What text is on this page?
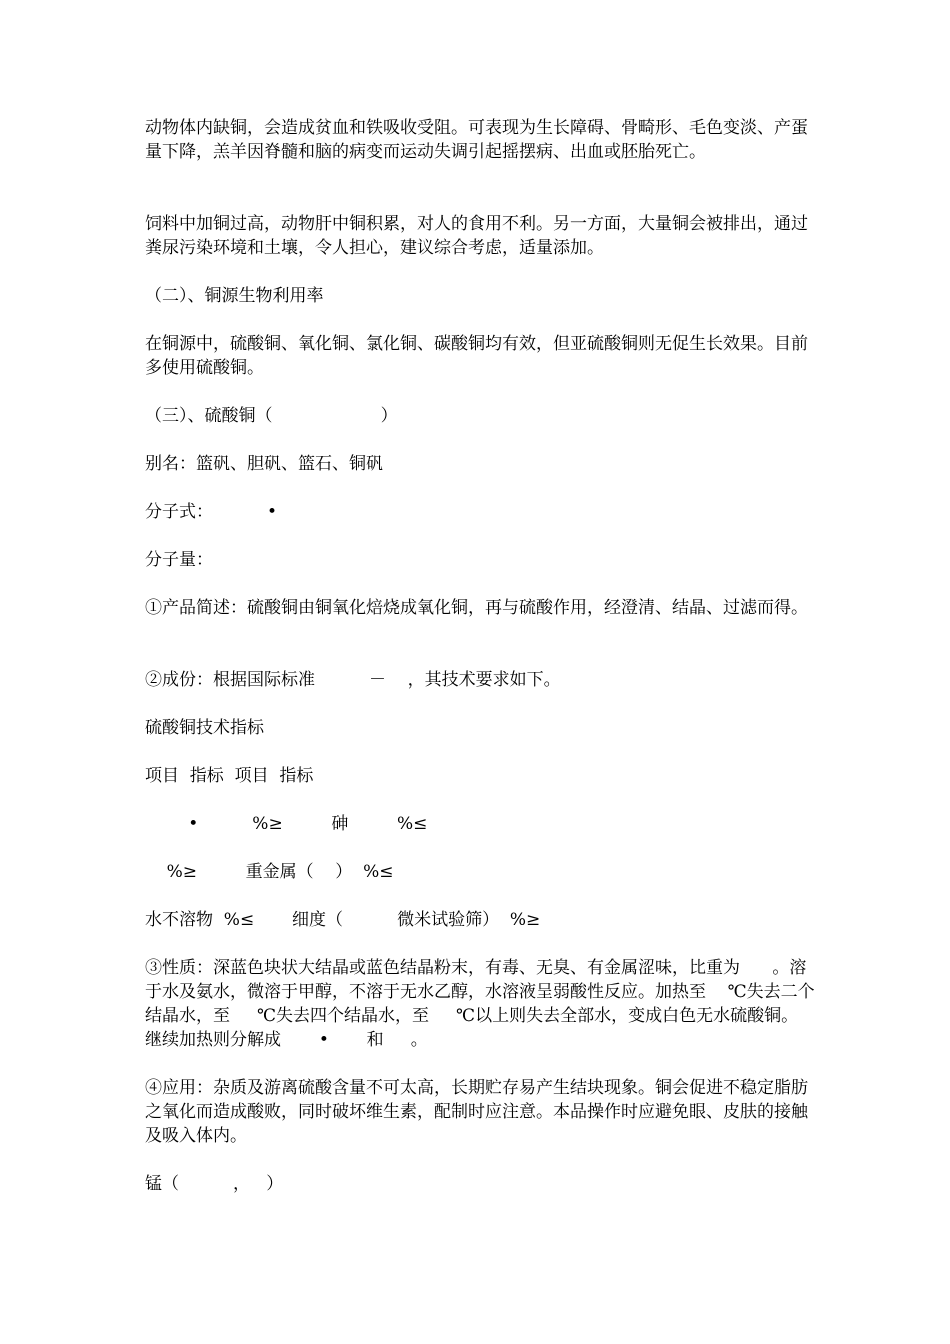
动物体内缺铜，会造成贫血和铁吸收受阻。可表现为生长障碍、骨畸形、毛色变淡、产蛋量下降，羔羊因脊髓和脑的病变而运动失调引起摇摆病、出血或胚胎死亡。

饲料中加铜过高，动物肝中铜积累，对人的食用不利。另一方面，大量铜会被排出，通过粪尿污染环境和土壤，令人担心，建议综合考虑，适量添加。

（二）、铜源生物利用率

在铜源中，硫酸铜、氧化铜、氯化铜、碳酸铜均有效，但亚硫酸铜则无促生长效果。目前多使用硫酸铜。

（三）、硫酸铜（                    ）

别名：篮矾、胆矾、篮石、铜矾

分子式：          •

分子量：

①产品简述：硫酸铜由铜氧化焙烧成氧化铜，再与硫酸作用，经澄清、结晶、过滤而得。

②成份：根据国际标准          －    ，其技术要求如下。

硫酸铜技术指标

项目  指标  项目  指标

•          %≥         砷         %≤

%≥         重金属（    ）  %≤

水不溶物  %≤       细度（          微米试验筛）  %≥

③性质：深蓝色块状大结晶或蓝色结晶粉末，有毒、无臭、有金属涩味，比重为      。溶于水及氨水，微溶于甲醇，不溶于无水乙醇，水溶液呈弱酸性反应。加热至    ℃失去二个结晶水，至     ℃失去四个结晶水，至     ℃以上则失去全部水，变成白色无水硫酸铜。继续加热则分解成       •       和     。

④应用：杂质及游离硫酸含量不可太高，长期贮存易产生结块现象。铜会促进不稳定脂肪之氧化而造成酸败，同时破坏维生素，配制时应注意。本品操作时应避免眼、皮肤的接触及吸入体内。

锰（          ，   ）
